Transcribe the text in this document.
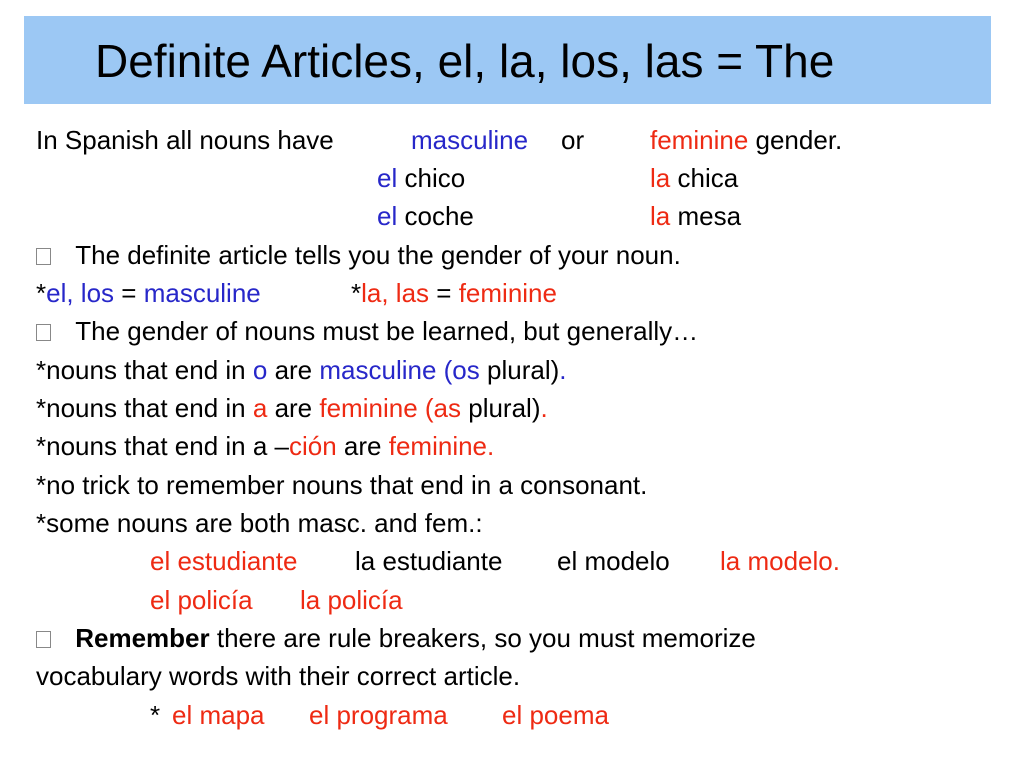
Definite Articles, el, la, los, las = The
In Spanish all nouns have	masculine or	feminine gender.
el chico	la chica
el coche	la mesa
The definite article tells you the gender of your noun.
*el, los = masculine	*la, las = feminine
The gender of nouns must be learned, but generally…
*nouns that end in o are masculine (os plural).
*nouns that end in a are feminine (as plural).
*nouns that end in a –ción are feminine.
*no trick to remember nouns that end in a consonant.
*some nouns are both masc. and fem.:
el estudiante la estudiante el modelo la modelo.
el policía la policía
Remember there are rule breakers, so you must memorize
vocabulary words with their correct article.
* el mapa el programa el poema
